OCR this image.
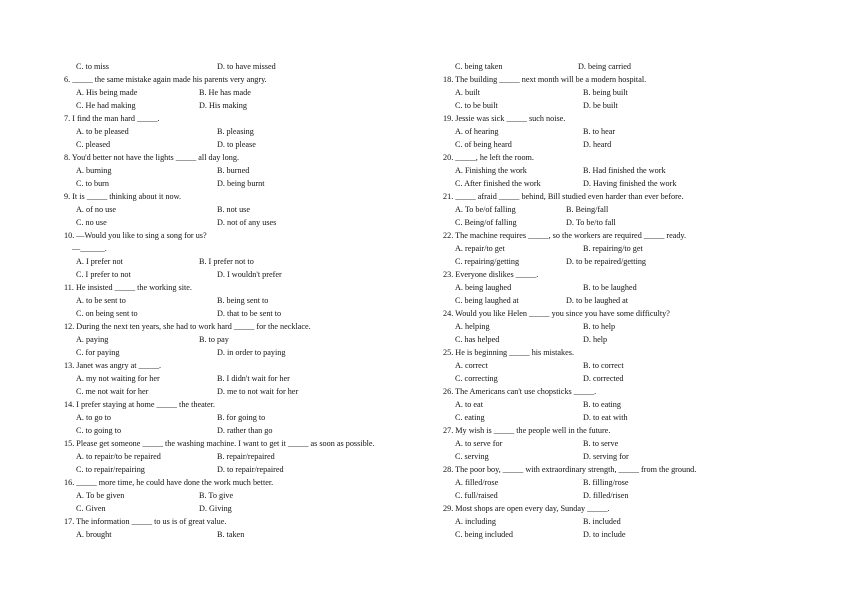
C. to miss	D. to have missed
6. _____ the same mistake again made his parents very angry.
A. His being made	B. He has made
C. He had making	D. His making
7. I find the man hard _____.
A. to be pleased	B. pleasing
C. pleased	D. to please
8. You'd better not have the lights _____ all day long.
A. burning	B. burned
C. to burn	D. being burnt
9. It is _____ thinking about it now.
A. of no use	B. not use
C. no use	D. not of any uses
10. —Would you like to sing a song for us?
—______.
A. I prefer not	B. I prefer not to
C. I prefer to not	D. I wouldn't prefer
11. He insisted _____ the working site.
A. to be sent to	B. being sent to
C. on being sent to	D. that to be sent to
12. During the next ten years, she had to work hard _____ for the necklace.
A. paying	B. to pay
C. for paying	D. in order to paying
13. Janet was angry at _____.
A. my not waiting for her	B. I didn't wait for her
C. me not wait for her	D. me to not wait for her
14. I prefer staying at home _____ the theater.
A. to go to	B. for going to
C. to going to	D. rather than go
15. Please get someone _____ the washing machine. I want to get it _____ as soon as possible.
A. to repair/to be repaired	B. repair/repaired
C. to repair/repairing	D. to repair/repaired
16. _____ more time, he could have done the work much better.
A. To be given	B. To give
C. Given	D. Giving
17. The information _____ to us is of great value.
A. brought	B. taken
C. being taken	D. being carried
18. The building _____ next month will be a modern hospital.
A. built	B. being built
C. to be built	D. be built
19. Jessie was sick _____ such noise.
A. of hearing	B. to hear
C. of being heard	D. heard
20. _____, he left the room.
A. Finishing the work	B. Had finished the work
C. After finished the work	D. Having finished the work
21. _____ afraid _____ behind, Bill studied even harder than ever before.
A. To be/of falling	B. Being/fall
C. Being/of falling	D. To be/to fall
22. The machine requires _____, so the workers are required _____ ready.
A. repair/to get	B. repairing/to get
C. repairing/getting	D. to be repaired/getting
23. Everyone dislikes _____.
A. being laughed	B. to be laughed
C. being laughed at	D. to be laughed at
24. Would you like Helen _____ you since you have some difficulty?
A. helping	B. to help
C. has helped	D. help
25. He is beginning _____ his mistakes.
A. correct	B. to correct
C. correcting	D. corrected
26. The Americans can't use chopsticks _____.
A. to eat	B. to eating
C. eating	D. to eat with
27. My wish is _____ the people well in the future.
A. to serve for	B. to serve
C. serving	D. serving for
28. The poor boy, _____ with extraordinary strength, _____ from the ground.
A. filled/rose	B. filling/rose
C. full/raised	D. filled/risen
29. Most shops are open every day, Sunday _____.
A. including	B. included
C. being included	D. to include
